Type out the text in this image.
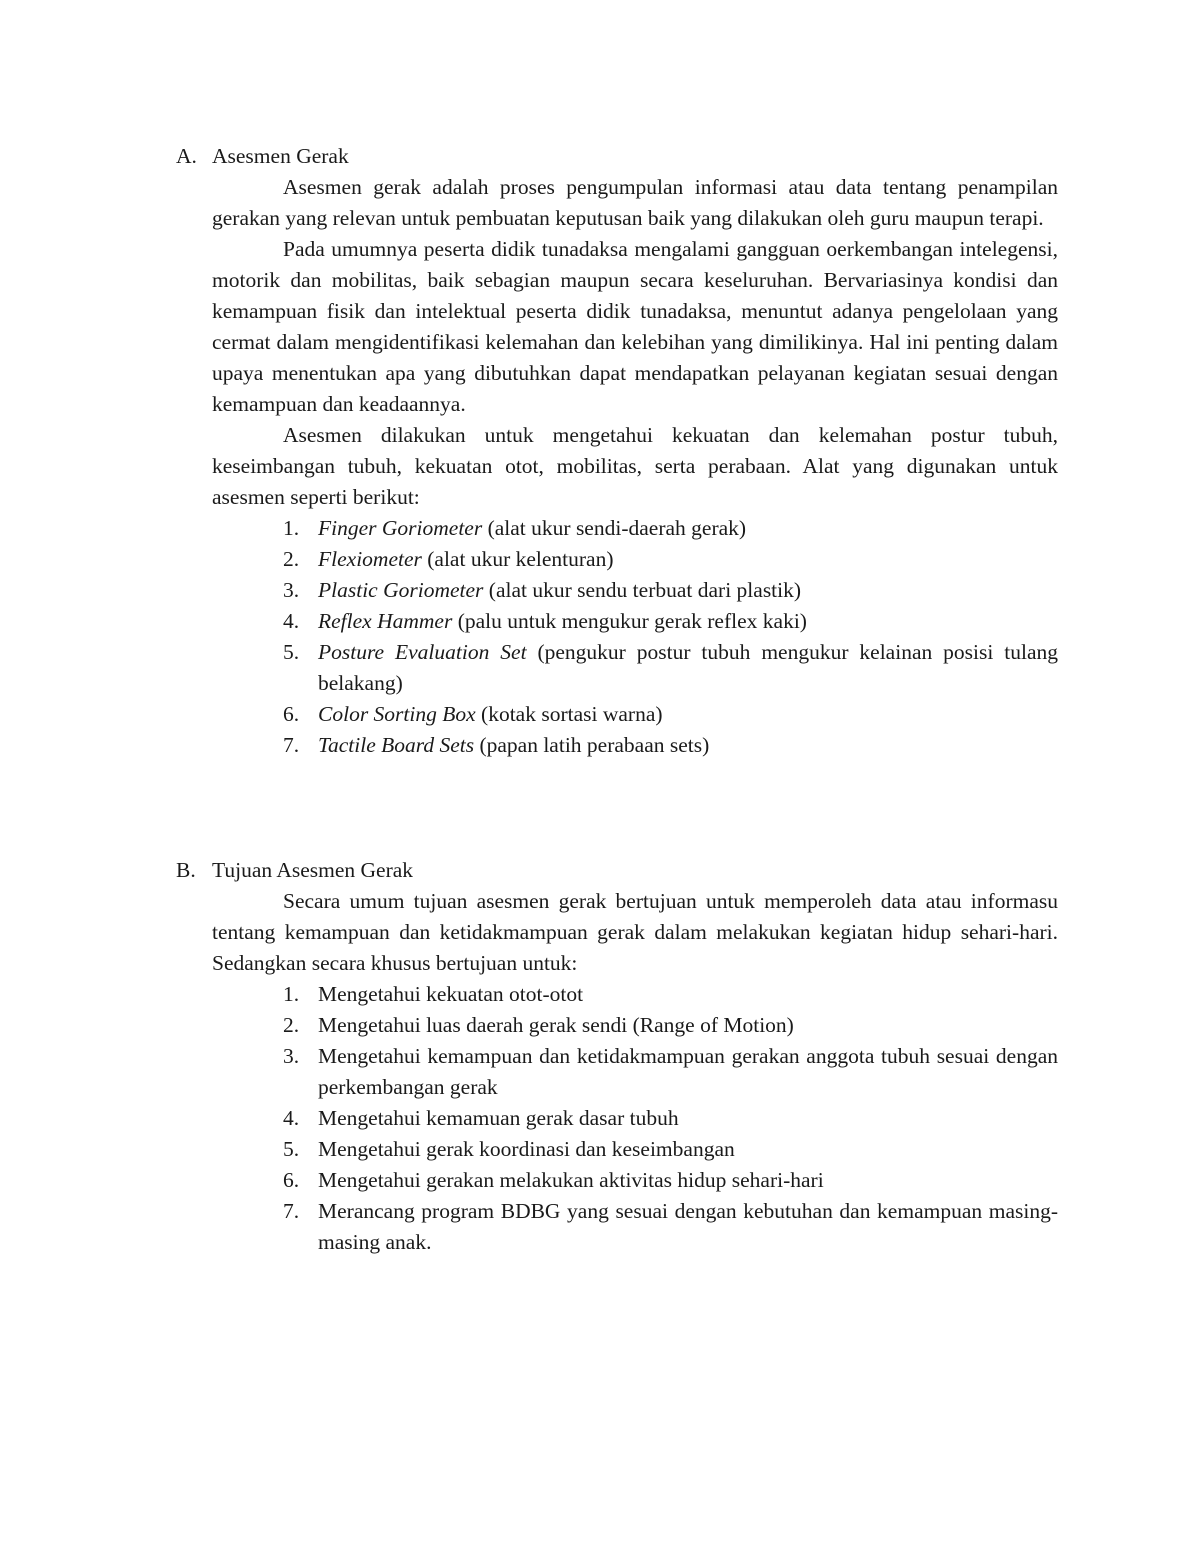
A. Asesmen Gerak

Asesmen gerak adalah proses pengumpulan informasi atau data tentang penampilan gerakan yang relevan untuk pembuatan keputusan baik yang dilakukan oleh guru maupun terapi.

Pada umumnya peserta didik tunadaksa mengalami gangguan oerkembangan intelegensi, motorik dan mobilitas, baik sebagian maupun secara keseluruhan. Bervariasinya kondisi dan kemampuan fisik dan intelektual peserta didik tunadaksa, menuntut adanya pengelolaan yang cermat dalam mengidentifikasi kelemahan dan kelebihan yang dimilikinya. Hal ini penting dalam upaya menentukan apa yang dibutuhkan dapat mendapatkan pelayanan kegiatan sesuai dengan kemampuan dan keadaannya.

Asesmen dilakukan untuk mengetahui kekuatan dan kelemahan postur tubuh, keseimbangan tubuh, kekuatan otot, mobilitas, serta perabaan. Alat yang digunakan untuk asesmen seperti berikut:

1. Finger Goriometer (alat ukur sendi-daerah gerak)
2. Flexiometer (alat ukur kelenturan)
3. Plastic Goriometer (alat ukur sendu terbuat dari plastik)
4. Reflex Hammer (palu untuk mengukur gerak reflex kaki)
5. Posture Evaluation Set (pengukur postur tubuh mengukur kelainan posisi tulang belakang)
6. Color Sorting Box (kotak sortasi warna)
7. Tactile Board Sets (papan latih perabaan sets)
B. Tujuan Asesmen Gerak

Secara umum tujuan asesmen gerak bertujuan untuk memperoleh data atau informasu tentang kemampuan dan ketidakmampuan gerak dalam melakukan kegiatan hidup sehari-hari. Sedangkan secara khusus bertujuan untuk:

1. Mengetahui kekuatan otot-otot
2. Mengetahui luas daerah gerak sendi (Range of Motion)
3. Mengetahui kemampuan dan ketidakmampuan gerakan anggota tubuh sesuai dengan perkembangan gerak
4. Mengetahui kemamuan gerak dasar tubuh
5. Mengetahui gerak koordinasi dan keseimbangan
6. Mengetahui gerakan melakukan aktivitas hidup sehari-hari
7. Merancang program BDBG yang sesuai dengan kebutuhan dan kemampuan masing-masing anak.
